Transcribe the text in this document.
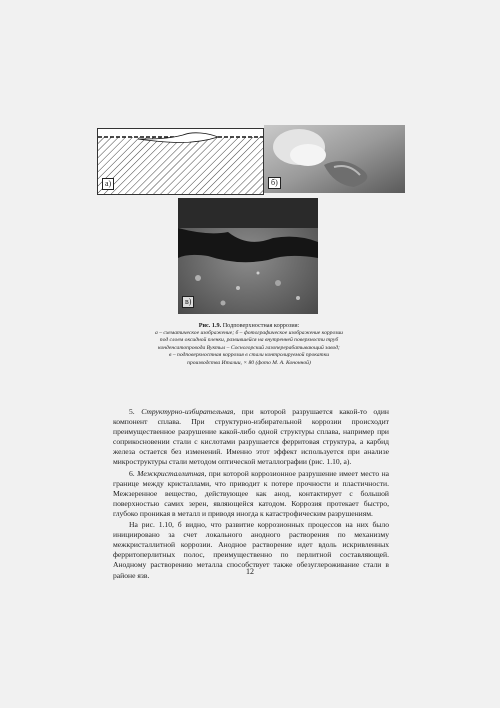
а)	б)
в)
Рис. 1.9. Подповерхностная коррозия:
а – схематическое изображение; б – фотографическое изображение коррозии
под слоем оксидной пленки, развившейся на внутренней поверхности труб
конденсатопровода Вуктыл – Сосногорский газоперерабатывающий завод;
в – подповерхностная коррозия в стали контролируемой прокатки
производства Италии, × 80 (фото М. А. Кононной)

5. Структурно-избирательная, при которой разрушается какой-то один компонент сплава. При структурно-избирательной коррозии происходит преимущественное разрушение какой-либо одной структуры сплава, например при соприкосновении стали с кислотами разрушается ферритовая структура, а карбид железа остается без изменений. Именно этот эффект используется при анализе микроструктуры стали методом оптической металлографии (рис. 1.10, а).

6. Межкристаллитная, при которой коррозионное разрушение имеет место на границе между кристаллами, что приводит к потере прочности и пластичности. Межзеренное вещество, действующее как анод, контактирует с большой поверхностью самих зерен, являющейся катодом. Коррозия протекает быстро, глубоко проникая в металл и приводя иногда к катастрофическим разрушениям.

На рис. 1.10, б видно, что развитие коррозионных процессов на них было инициировано за счет локального анодного растворения по механизму межкристаллитной коррозии. Анодное растворение идет вдоль искривленных ферритоперлитных полос, преимущественно по перлитной составляющей. Анодному растворению металла способствует также обезуглероживание стали в районе язв.	12
